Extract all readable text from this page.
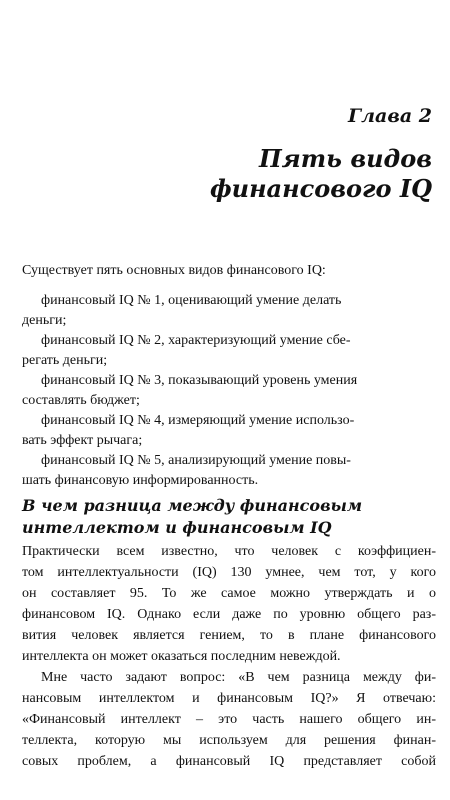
Глава 2
Пять видов
финансового IQ
Существует пять основных видов финансового IQ:
финансовый IQ № 1, оценивающий умение делать
деньги;
финансовый IQ № 2, характеризующий умение сбе-
регать деньги;
финансовый IQ № 3, показывающий уровень умения
составлять бюджет;
финансовый IQ № 4, измеряющий умение использо-
вать эффект рычага;
финансовый IQ № 5, анализирующий умение повы-
шать финансовую информированность.
В чем разница между финансовым
интеллектом и финансовым IQ
Практически всем известно, что человек с коэффициен-
том интеллектуальности (IQ) 130 умнее, чем тот, у кого
он составляет 95. То же самое можно утверждать и о
финансовом IQ. Однако если даже по уровню общего раз-
вития человек является гением, то в плане финансового
интеллекта он может оказаться последним невеждой.
Мне часто задают вопрос: «В чем разница между фи-
нансовым интеллектом и финансовым IQ?» Я отвечаю:
«Финансовый интеллект – это часть нашего общего ин-
теллекта, которую мы используем для решения финан-
совых проблем, а финансовый IQ представляет собой
